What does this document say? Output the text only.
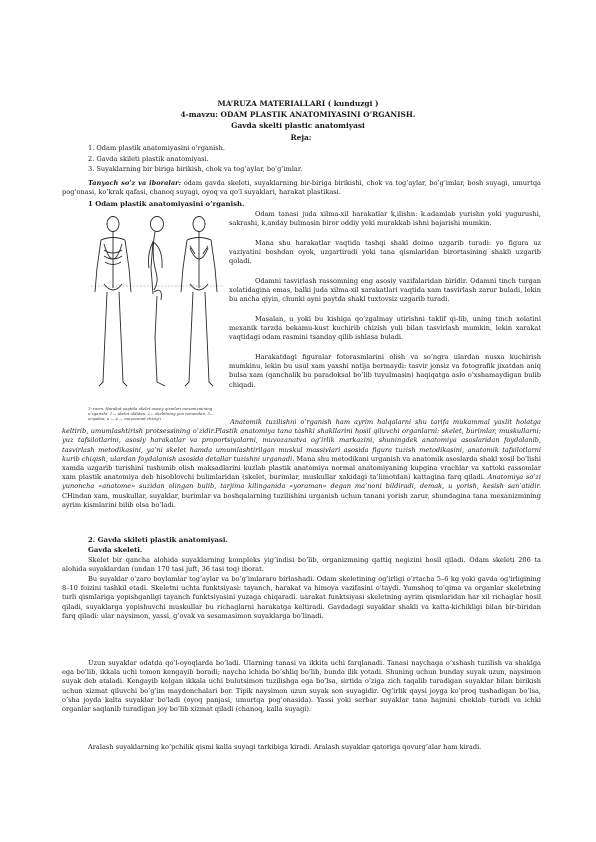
MA’RUZA MATERIALLARI ( kunduzgi )
4-mavzu: ODAM PLASTIK ANATOMIYASINI O’RGANISH.
Gavda skelti plastic anatomiyasi
Reja:
1. Odam plastik anatomiyasini o’rganish.
2. Gavda skileti plastik anatomiyasi.
3. Suyaklarning bir biriga birikish, chok va tog’aylar, bo’g’imlar.

Tanyach so’z va iboralar: odam gavda skeleti, suyaklarning bir-biriga birikishi, chok va tog’aylar, bo’g’imlar, bosh suyagi, umurtqa pog’onasi, ko’krak qafasi, chanoq suyagi, oyoq va qo’l suyaklari, harakat plastikasi.

1 Odam plastik anatomiyasini o’rganish.
1- rasm. Harakat vaqtida skelet asosiy qismlari mexanizmining o’zgarishi: 1— skelet oldidan, 2— skeletning yon tomondan, 3— orqadan; a — a — muvozanat chizig’i

Odam tanasi juda xilma-xil harakatlar k,ilishn: k.adamlab yurishn yoki yugurushi, sakrashi, k,anday bulmasin biror oddiy yeki murakkab ishni bajarishi mumkin.

Mana shu harakatlar vaqtida tashqi shakl doimo uzgarib turadi: yo figura uz vaziyatini boshdan oyok, uzgartiradi yoki tana qismlaridan birortasining shakli uzgarib qoladi.

Odamni tasvirlash rassomning eng asosiy vazifalaridan biridir. Odamni tinch turgan xolatidagina emas, balki juda xilma-xil xarakatlari vaqtida xam tasvirlash zarur buladi, lekin bu ancha qiyin, chunki ayni paytda shakl tuxtovsiz uzgarib turadi.

Masalan, u yoki bu kishiga qo’zgalmay utirishni taklif qi-lib, uning tinch xolatini mexanik tarzda bekamu-kust kuchirib chizish yuli bilan tasvirlash mumkin, lekin xarakat vaqtidagi odam rasmini tsanday qilib ishlasa buladi.

Harakatdagi figuralar fotorasmlarini olish va so’ngra ulardan nusxa kuchirish mumkinu, lekin bu usul xam yaxshi natija bermaydi: tasvir jonsiz va fotografik jixatdan aniq bulsa xam (qanchalik bu paradoksal bo’lib tuyulmasin) haqiqatga aslo o’xshamaydigan bulib chiqadi.

Anatomik tuzilishni o’rganish ham ayrim halqalarni shu tarifa mukammal yaxlit holatga keltirib, umumlashtirish protsessining o’zidir.Plastik anatomiya tana tashki shakllarini hosil qiluvchi organlarni: skelet, burimlar, muskullarni; yuz tafsilotlarini, asosiy harakatlar va proportsiyalarni, muvozanatva og’irlik markazini, shuningdek anatomiya asoslaridan foydalanib, tasvirlash metodikasini, ya’ni skelet hamda umumlashtirilgan muskul massivlari asosida figura tuzish metodikasini, anatomik tafsilotlarni kurib chiqish, ulardan foydalanish asosida detallar tuzishni urganadi. Mana shu metodikani urganish va anatomik asoslarda shakl xosil bo’lishi xamda uzgarib turishini tushunib olish maksadlarini kuzlab plastik anatomiya normal anatomiyaning kupgina vrachlar va xattoki rassomlar xam plastik anatomiya deb hisoblovchi bulimlaridan (skelet, burimlar, muskullar xakidagi ta’limotdan) kattagina farq qiladi. Anatomiya so’zi yunoncha «anatome» suzidan olingan bulib, tarjima kilinganida «yoraman» degan ma’noni bildiradi, demak, u yorish, kesish san’atidir. CHindan xam, muskullar, suyaklar, burimlar va boshqalarning tuzilishini urganish uchun tanani yorish zarur, shundagina tana mexanizmining ayrim kismlarini bilib olsa bo’ladi.

2. Gavda skileti plastik anatomiyasi.
Gavda skeleti.

Skelet bir qancha alohida suyaklarning kompleks yig’indisi bo’lib, organizmning qattiq negizini hosil qiladi. Odam skeleti 206 ta alohida suyaklardan (undan 170 tasi juft, 36 tasi toq) iborat.

Bu suyaklar o’zaro boylamlar tog’aylar va bo’g’imlararo birlashadi. Odam skeletining og’irligi o’rtacha 5–6 kg yoki gavda og’irligining 8–10 foizini tashkil etadi. Skeletni uchta funktsiyasi: tayanch, harakat va himoya vazifasini o’taydi. Yumshoq to’qima va organlar skeletning turli qismlariga yopishganligi tayanch funktsiyasini yuzaga chiqaradi. uarakat funktsiyasi skeletning ayrim qismlaridan har xil richaglar hosil qiladi, suyaklarga yopishuvchi muskullar bu richaglarni harakatga keltiradi. Gavdadagi suyaklar shakli va katta-kichikligi bilan bir-biridan farq qiladi: ular naysimon, yassi, g’ovak va sesamasimon suyaklarga bo’linadi.

Uzun suyaklar odatda qo’l-oyoqlarda bo’ladi. Ularning tanasi va ikkita uchi farqlanadi. Tanasi naychaga o’xshash tuzilish va shaklga ega bo’lib, ikkala uchi tomon kengayib boradi; naycha ichida bo’shliq bo’lib, bunda ilik yotadi. Shuning uchun bunday suyak uzun, naysimon suyak deb ataladi. Kengayib kelgan ikkala uchi bulutsimon tuzilishga ega bo’lsa, sirtida o’ziga zich taqalib turadigan suyaklar bilan birikish uchun xizmat qiluvchi bo’g’im maydonchalari bor. Tipik naysimon uzun suyak son suyagidir. Og’irlik qaysi joyga ko’proq tushadigan bo’lsa, o’sha joyda kalta suyaklar bo’ladi (oyoq panjasi, umurtqa pog’onasida). Yassi yoki serbar suyaklar tana hajmini cheklab turadi va ichki organlar saqlanib turadigan joy bo’lib xizmat qiladi (chanoq, kalla suyagi).

Aralash suyaklarning ko’pchilik qismi kalla suyagi tarkibiga kiradi. Aralash suyaklar qatoriga qovurg’alar ham kiradi.
